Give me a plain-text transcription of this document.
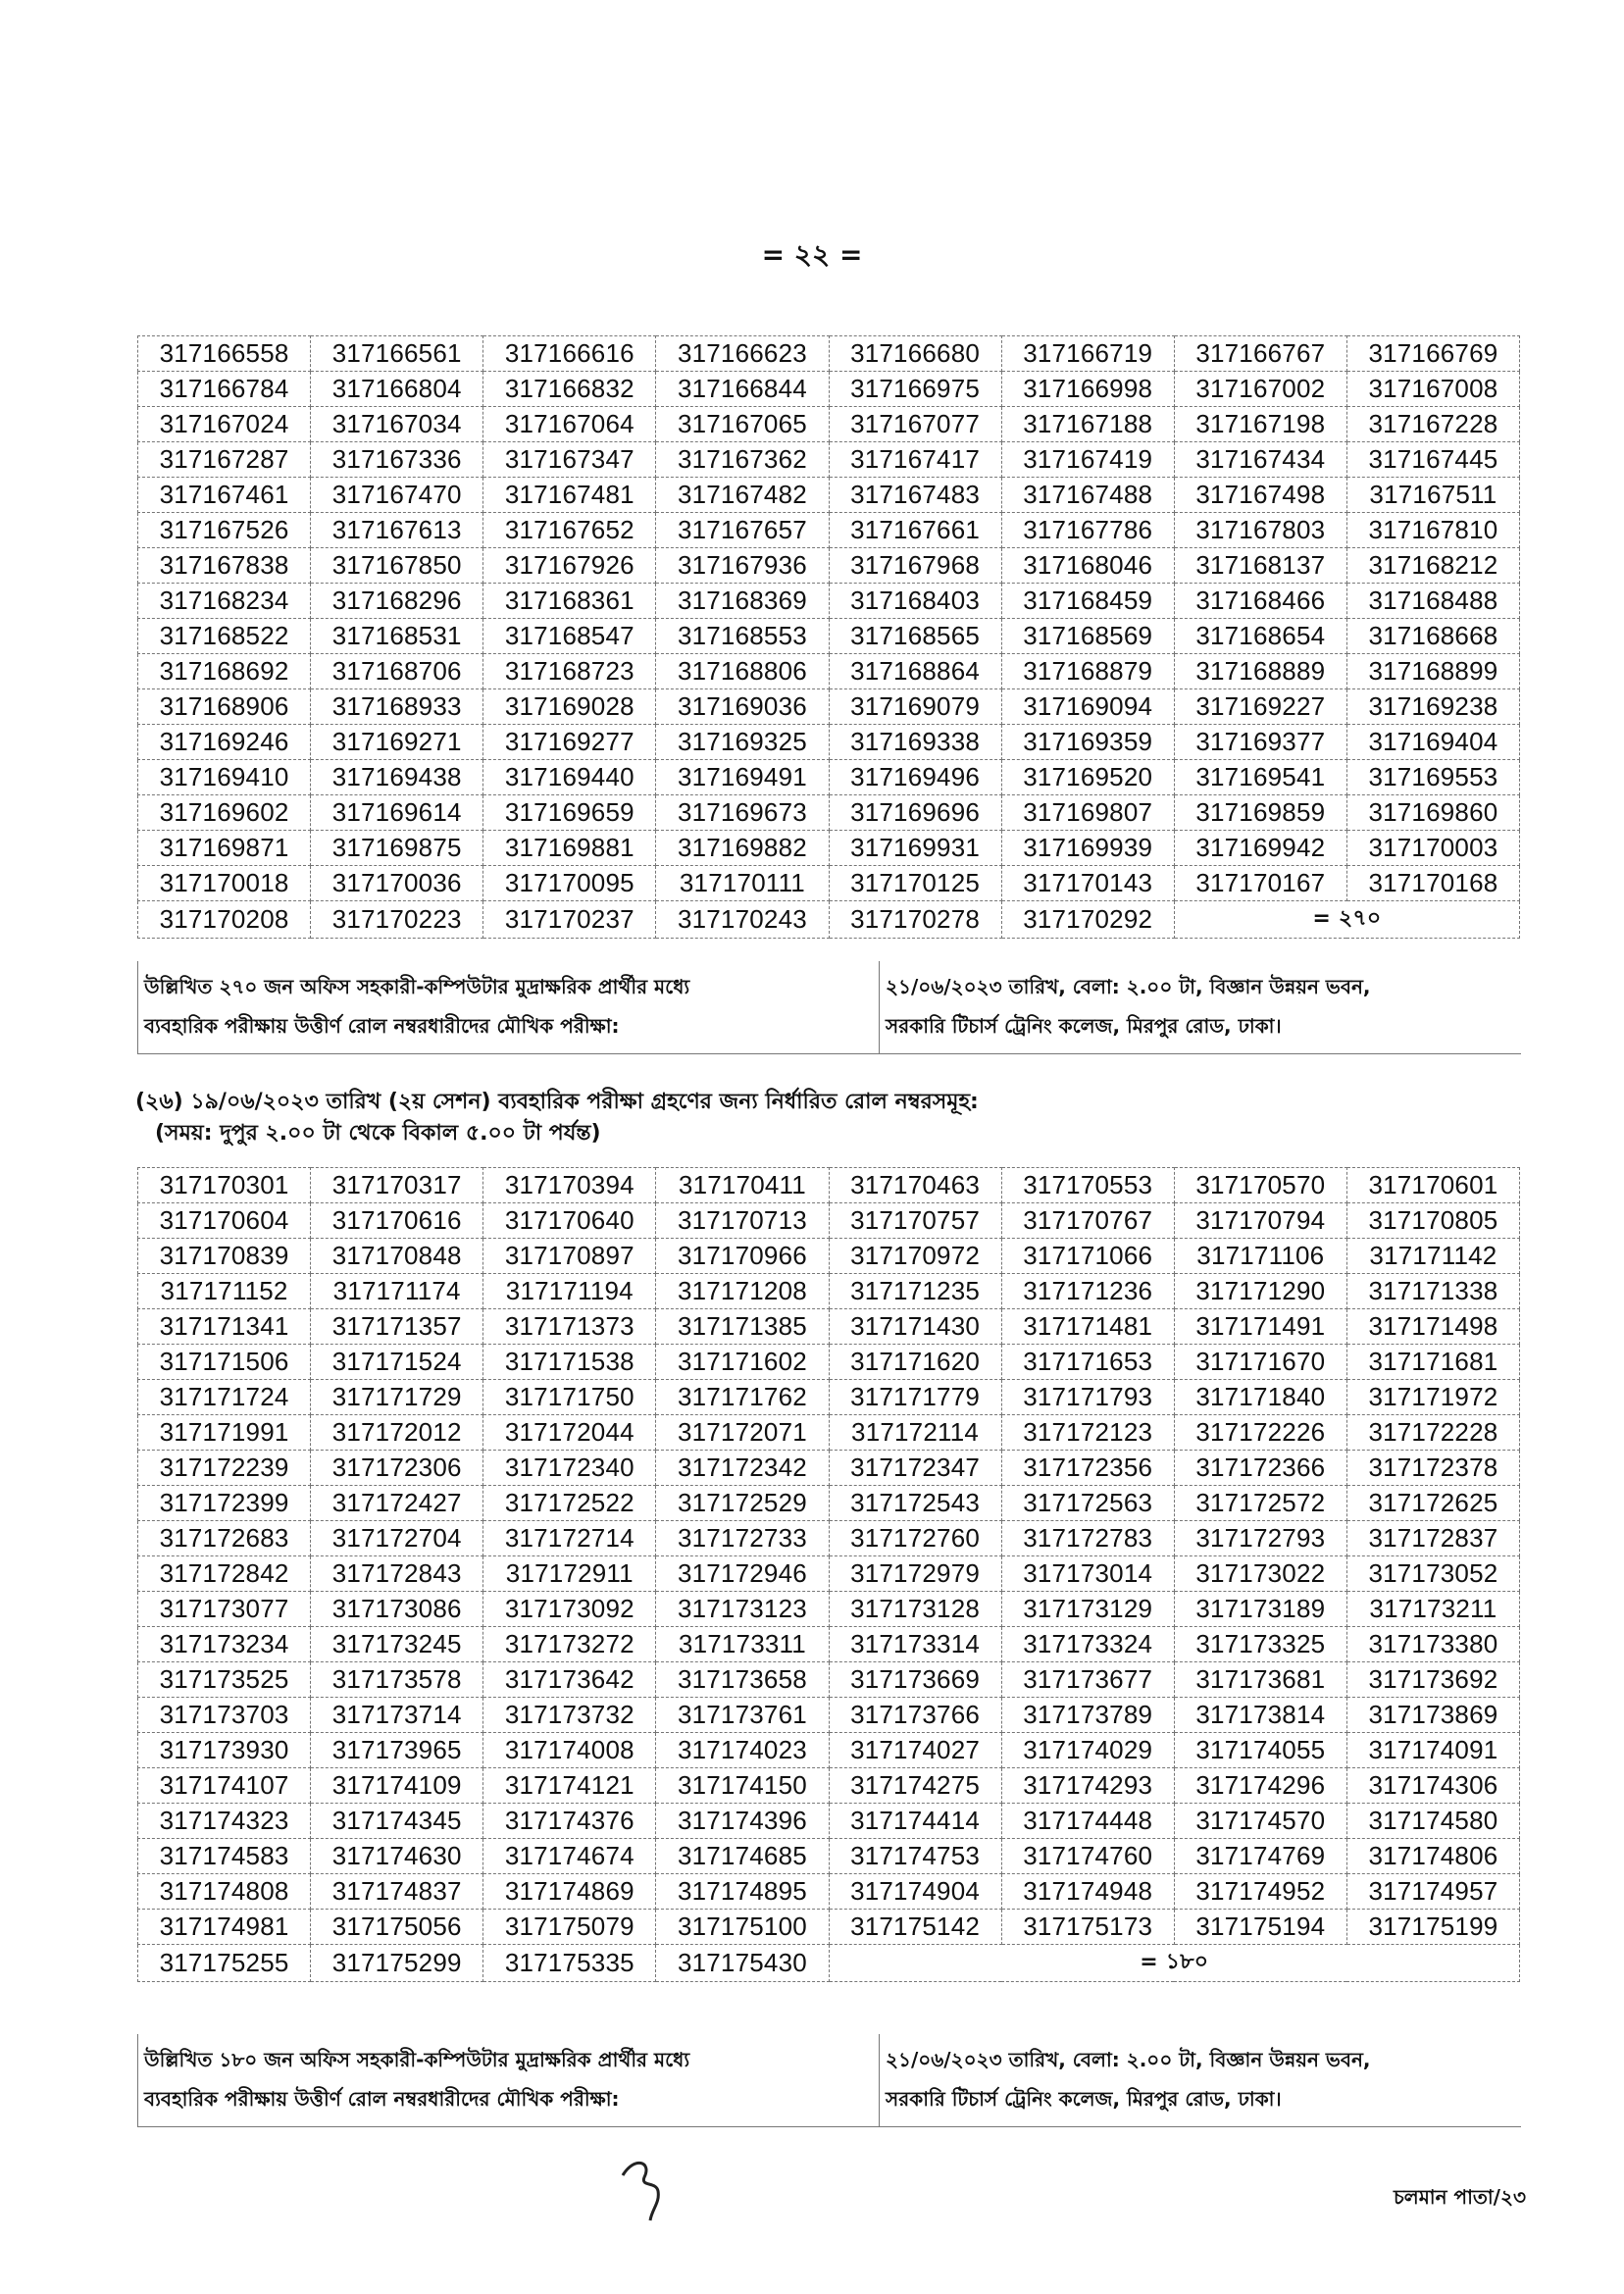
= ২২ =
317166558	317166561	317166616	317166623	317166680	317166719	317166767	317166769
317166784	317166804	317166832	317166844	317166975	317166998	317167002	317167008
317167024	317167034	317167064	317167065	317167077	317167188	317167198	317167228
317167287	317167336	317167347	317167362	317167417	317167419	317167434	317167445
317167461	317167470	317167481	317167482	317167483	317167488	317167498	317167511
317167526	317167613	317167652	317167657	317167661	317167786	317167803	317167810
317167838	317167850	317167926	317167936	317167968	317168046	317168137	317168212
317168234	317168296	317168361	317168369	317168403	317168459	317168466	317168488
317168522	317168531	317168547	317168553	317168565	317168569	317168654	317168668
317168692	317168706	317168723	317168806	317168864	317168879	317168889	317168899
317168906	317168933	317169028	317169036	317169079	317169094	317169227	317169238
317169246	317169271	317169277	317169325	317169338	317169359	317169377	317169404
317169410	317169438	317169440	317169491	317169496	317169520	317169541	317169553
317169602	317169614	317169659	317169673	317169696	317169807	317169859	317169860
317169871	317169875	317169881	317169882	317169931	317169939	317169942	317170003
317170018	317170036	317170095	317170111	317170125	317170143	317170167	317170168
317170208	317170223	317170237	317170243	317170278	317170292	= ২৭০	
উল্লিখিত ২৭০ জন অফিস সহকারী-কম্পিউটার মুদ্রাক্ষরিক প্রার্থীর মধ্যে
ব্যবহারিক পরীক্ষায় উত্তীর্ণ রোল নম্বরধারীদের মৌখিক পরীক্ষা:
২১/০৬/২০২৩ তারিখ, বেলা: ২.০০ টা, বিজ্ঞান উন্নয়ন ভবন,
সরকারি টিচার্স ট্রেনিং কলেজ, মিরপুর রোড, ঢাকা।
(২৬) ১৯/০৬/২০২৩ তারিখ (২য় সেশন) ব্যবহারিক পরীক্ষা গ্রহণের জন্য নির্ধারিত রোল নম্বরসমূহ:
(সময়: দুপুর ২.০০ টা থেকে বিকাল ৫.০০ টা পর্যন্ত)
317170301	317170317	317170394	317170411	317170463	317170553	317170570	317170601
317170604	317170616	317170640	317170713	317170757	317170767	317170794	317170805
317170839	317170848	317170897	317170966	317170972	317171066	317171106	317171142
317171152	317171174	317171194	317171208	317171235	317171236	317171290	317171338
317171341	317171357	317171373	317171385	317171430	317171481	317171491	317171498
317171506	317171524	317171538	317171602	317171620	317171653	317171670	317171681
317171724	317171729	317171750	317171762	317171779	317171793	317171840	317171972
317171991	317172012	317172044	317172071	317172114	317172123	317172226	317172228
317172239	317172306	317172340	317172342	317172347	317172356	317172366	317172378
317172399	317172427	317172522	317172529	317172543	317172563	317172572	317172625
317172683	317172704	317172714	317172733	317172760	317172783	317172793	317172837
317172842	317172843	317172911	317172946	317172979	317173014	317173022	317173052
317173077	317173086	317173092	317173123	317173128	317173129	317173189	317173211
317173234	317173245	317173272	317173311	317173314	317173324	317173325	317173380
317173525	317173578	317173642	317173658	317173669	317173677	317173681	317173692
317173703	317173714	317173732	317173761	317173766	317173789	317173814	317173869
317173930	317173965	317174008	317174023	317174027	317174029	317174055	317174091
317174107	317174109	317174121	317174150	317174275	317174293	317174296	317174306
317174323	317174345	317174376	317174396	317174414	317174448	317174570	317174580
317174583	317174630	317174674	317174685	317174753	317174760	317174769	317174806
317174808	317174837	317174869	317174895	317174904	317174948	317174952	317174957
317174981	317175056	317175079	317175100	317175142	317175173	317175194	317175199
317175255	317175299	317175335	317175430	= ১৮০			
উল্লিখিত ১৮০ জন অফিস সহকারী-কম্পিউটার মুদ্রাক্ষরিক প্রার্থীর মধ্যে
ব্যবহারিক পরীক্ষায় উত্তীর্ণ রোল নম্বরধারীদের মৌখিক পরীক্ষা:
২১/০৬/২০২৩ তারিখ, বেলা: ২.০০ টা, বিজ্ঞান উন্নয়ন ভবন,
সরকারি টিচার্স ট্রেনিং কলেজ, মিরপুর রোড, ঢাকা।
চলমান পাতা/২৩
